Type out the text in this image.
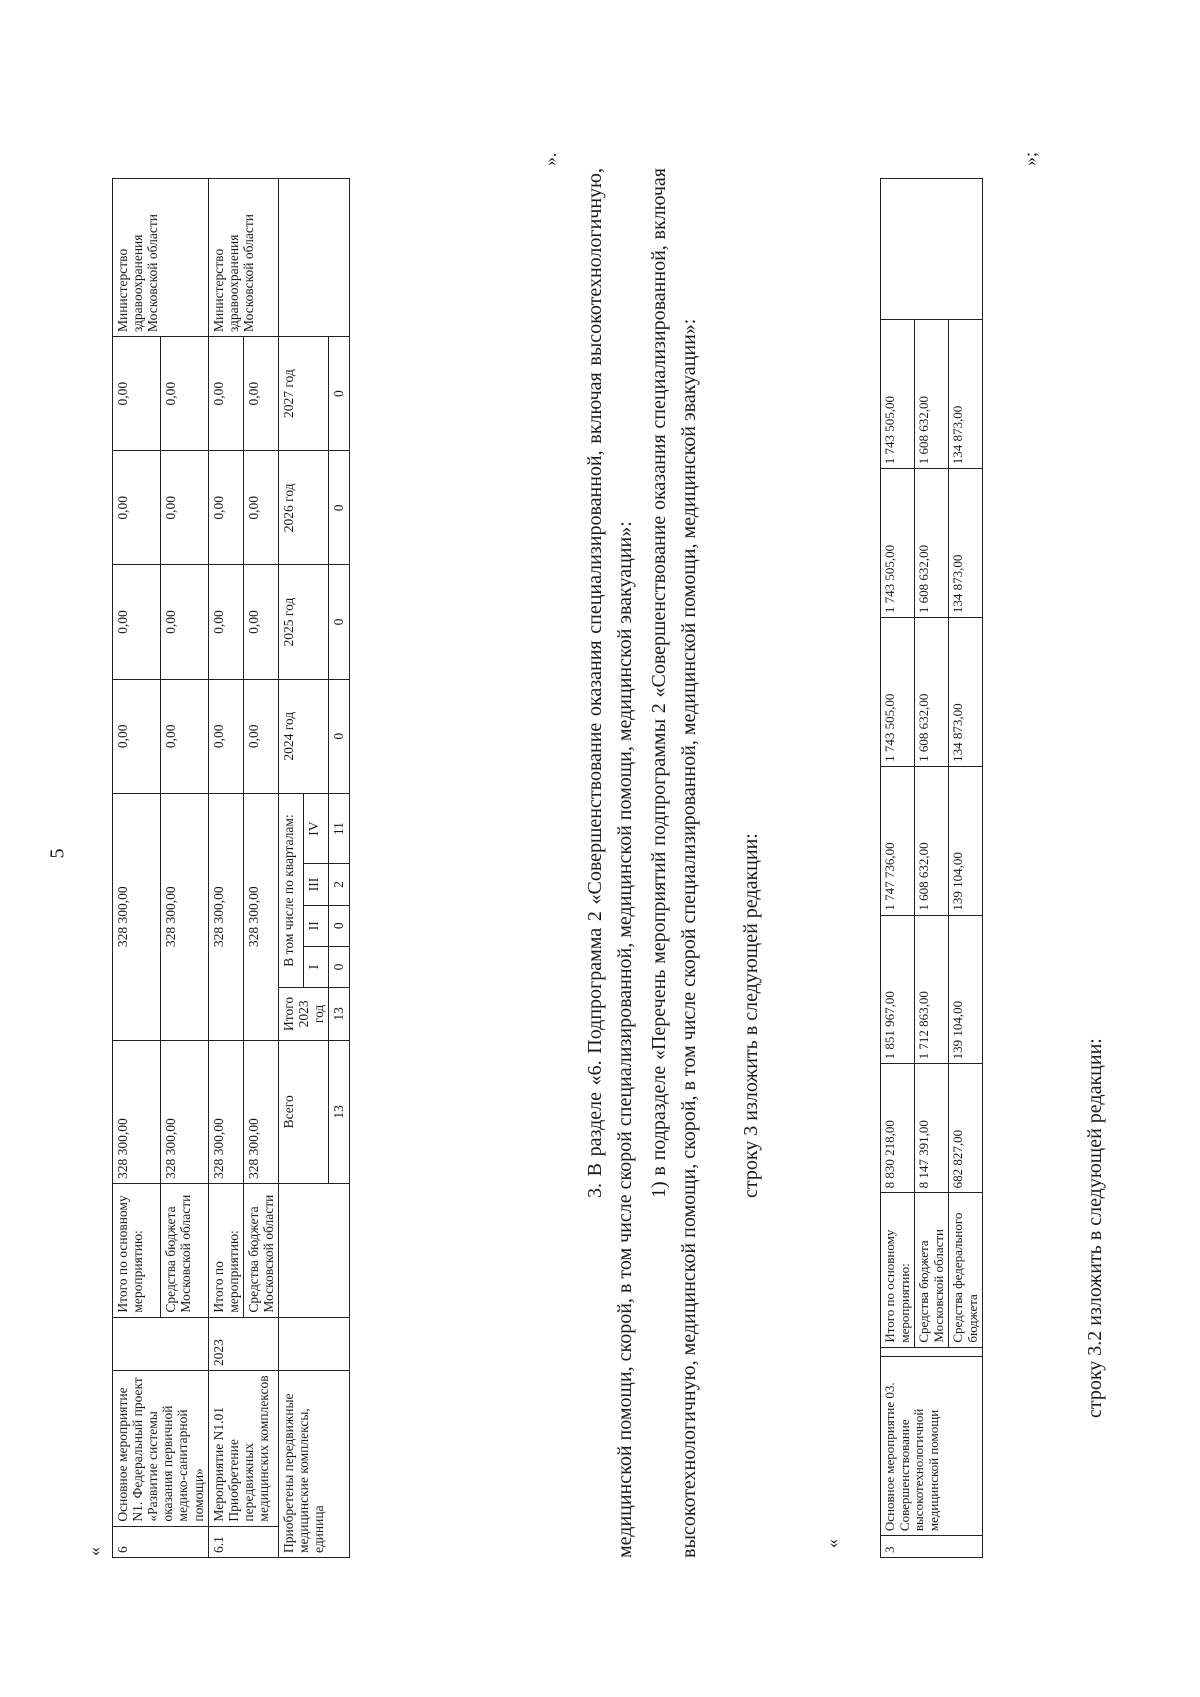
5
« 6	Основное мероприятие N1. Федеральный проект «Развитие системы оказания первичной медико-санитарной помощи»		Итого по основному мероприятию:	328 300,00	328 300,00					0,00	0,00	0,00	0,00	Министерство здравоохранения Московской области
			Средства бюджета Московской области	328 300,00	328 300,00					0,00	0,00	0,00	0,00	
6.1	Мероприятие N1.01 Приобретение передвижных медицинских комплексов	2023	Итого по мероприятию:	328 300,00	328 300,00					0,00	0,00	0,00	0,00	Министерство здравоохранения Московской области
			Средства бюджета Московской области	328 300,00	328 300,00					0,00	0,00	0,00	0,00	
Приобретены передвижные медицинские комплексы, единица				Всего	Итого 2023 год	В том числе по кварталам:				2024 год	2025 год	2026 год	2027 год	
						I	II	III	IV					
				13	13	0	0	2	11	0	0	0	0	
».
3. В разделе «6. Подпрограмма 2 «Совершенствование оказания специализированной, включая высокотехнологичную, медицинской помощи, скорой, в том числе скорой специализированной, медицинской помощи, медицинской эвакуации»: 1) в подразделе «Перечень мероприятий подпрограммы 2 «Совершенствование оказания специализированной, включая высокотехнологичную, медицинской помощи, скорой, в том числе скорой специализированной, медицинской помощи, медицинской эвакуации»: строку 3 изложить в следующей редакции:
«
3	Основное мероприятие 03. Совершенствование высокотехнологичной медицинской помощи		Итого по основному мероприятию:	8 830 218,00	1 851 967,00	1 747 736,00	1 743 505,00	1 743 505,00	1 743 505,00	
			Средства бюджета Московской области	8 147 391,00	1 712 863,00	1 608 632,00	1 608 632,00	1 608 632,00	1 608 632,00	
			Средства федерального бюджета	682 827,00	139 104,00	139 104,00	134 873,00	134 873,00	134 873,00	
»;
строку 3.2 изложить в следующей редакции:
